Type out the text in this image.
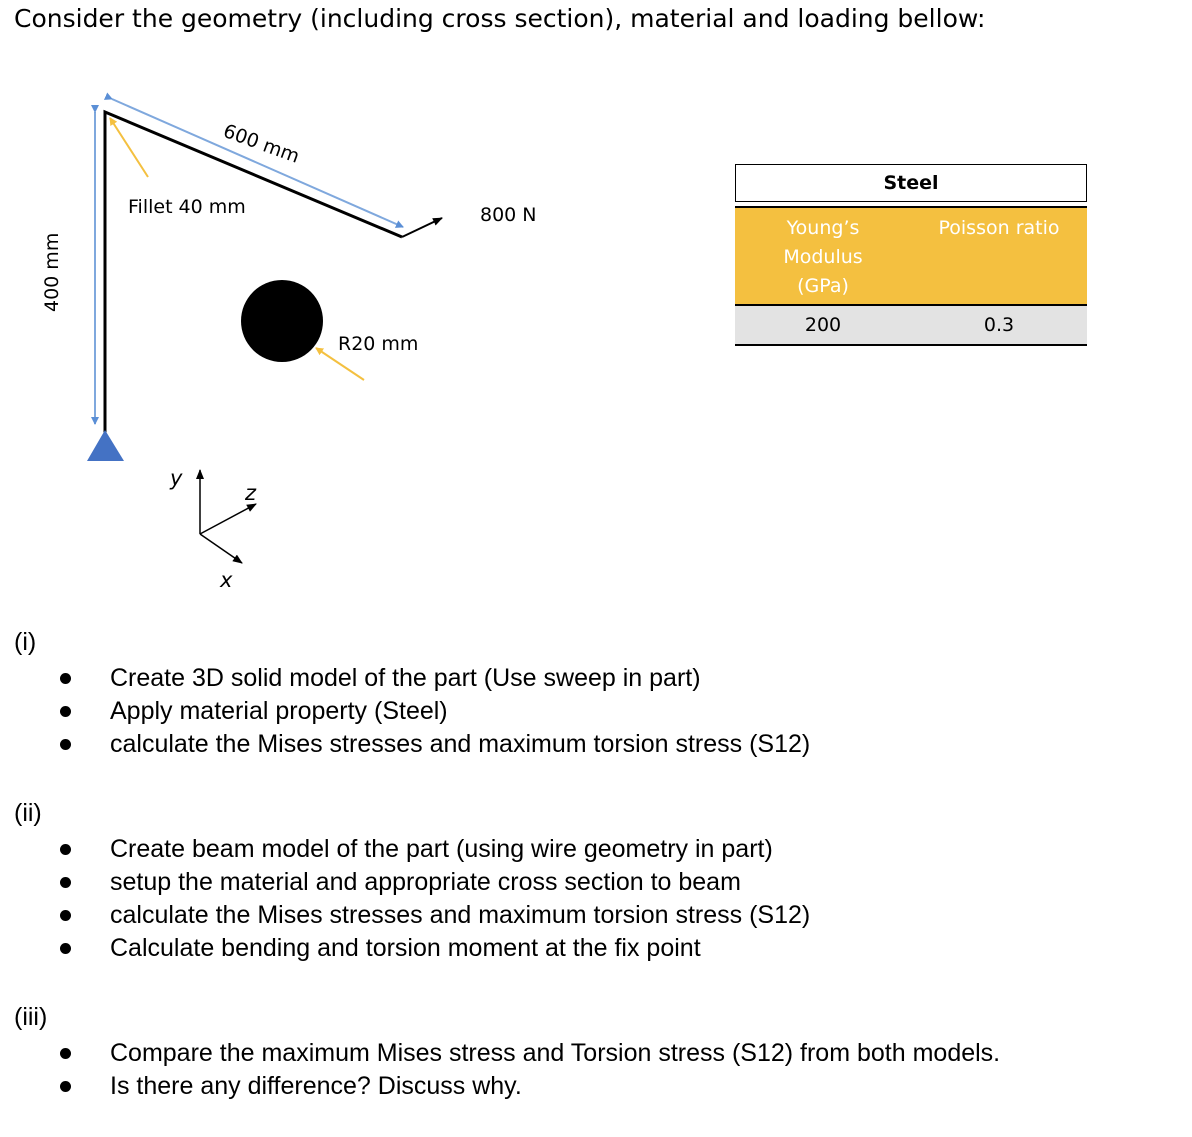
Consider the geometry (including cross section), material and loading bellow:
600 mm
400 mm
Fillet 40 mm	800 N
R20 mm
y
z
x
Steel
Young’s
Modulus
(GPa)
Poisson ratio
200	0.3
(i)
Create 3D solid model of the part (Use sweep in part)
Apply material property (Steel)
calculate the Mises stresses and maximum torsion stress (S12)
(ii)
Create beam model of the part (using wire geometry in part)
setup the material and appropriate cross section to beam
calculate the Mises stresses and maximum torsion stress (S12)
Calculate bending and torsion moment at the fix point
(iii)
Compare the maximum Mises stress and Torsion stress (S12) from both models.
Is there any difference? Discuss why.
